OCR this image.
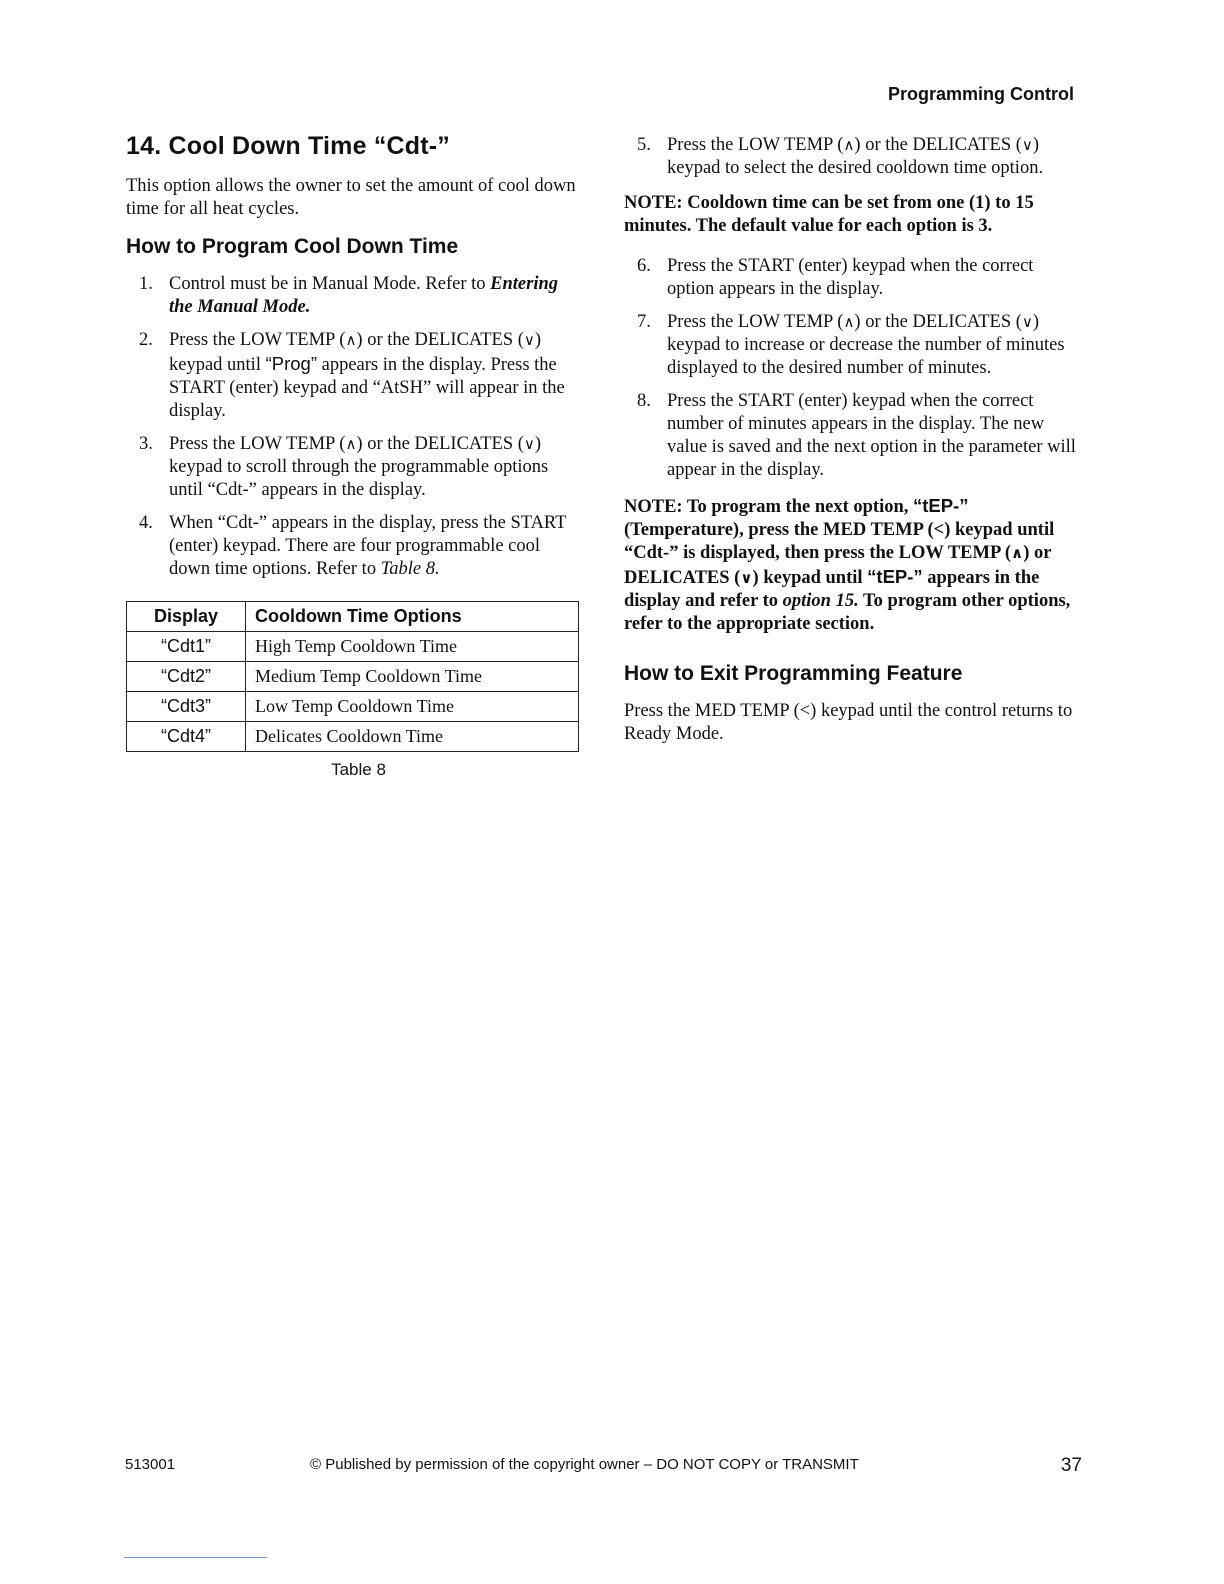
Programming Control
14. Cool Down Time “Cdt-”

This option allows the owner to set the amount of cool down time for all heat cycles.

How to Program Cool Down Time
1. Control must be in Manual Mode. Refer to Entering the Manual Mode.
2. Press the LOW TEMP (∧) or the DELICATES (∨) keypad until “Prog” appears in the display. Press the START (enter) keypad and “AtSH” will appear in the display.
3. Press the LOW TEMP (∧) or the DELICATES (∨) keypad to scroll through the programmable options until “Cdt-” appears in the display.
4. When “Cdt-” appears in the display, press the START (enter) keypad. There are four programmable cool down time options. Refer to Table 8.
Display	Cooldown Time Options
“Cdt1”	High Temp Cooldown Time
“Cdt2”	Medium Temp Cooldown Time
“Cdt3”	Low Temp Cooldown Time
“Cdt4”	Delicates Cooldown Time
Table 8
5. Press the LOW TEMP (∧) or the DELICATES (∨) keypad to select the desired cooldown time option.

NOTE: Cooldown time can be set from one (1) to 15 minutes. The default value for each option is 3.

6. Press the START (enter) keypad when the correct option appears in the display.
7. Press the LOW TEMP (∧) or the DELICATES (∨) keypad to increase or decrease the number of minutes displayed to the desired number of minutes.
8. Press the START (enter) keypad when the correct number of minutes appears in the display. The new value is saved and the next option in the parameter will appear in the display.

NOTE: To program the next option, “tEP-” (Temperature), press the MED TEMP (<) keypad until “Cdt-” is displayed, then press the LOW TEMP (∧) or DELICATES (∨) keypad until “tEP-” appears in the display and refer to option 15. To program other options, refer to the appropriate section.

How to Exit Programming Feature

Press the MED TEMP (<) keypad until the control returns to Ready Mode.

513001	© Published by permission of the copyright owner – DO NOT COPY or TRANSMIT	37
